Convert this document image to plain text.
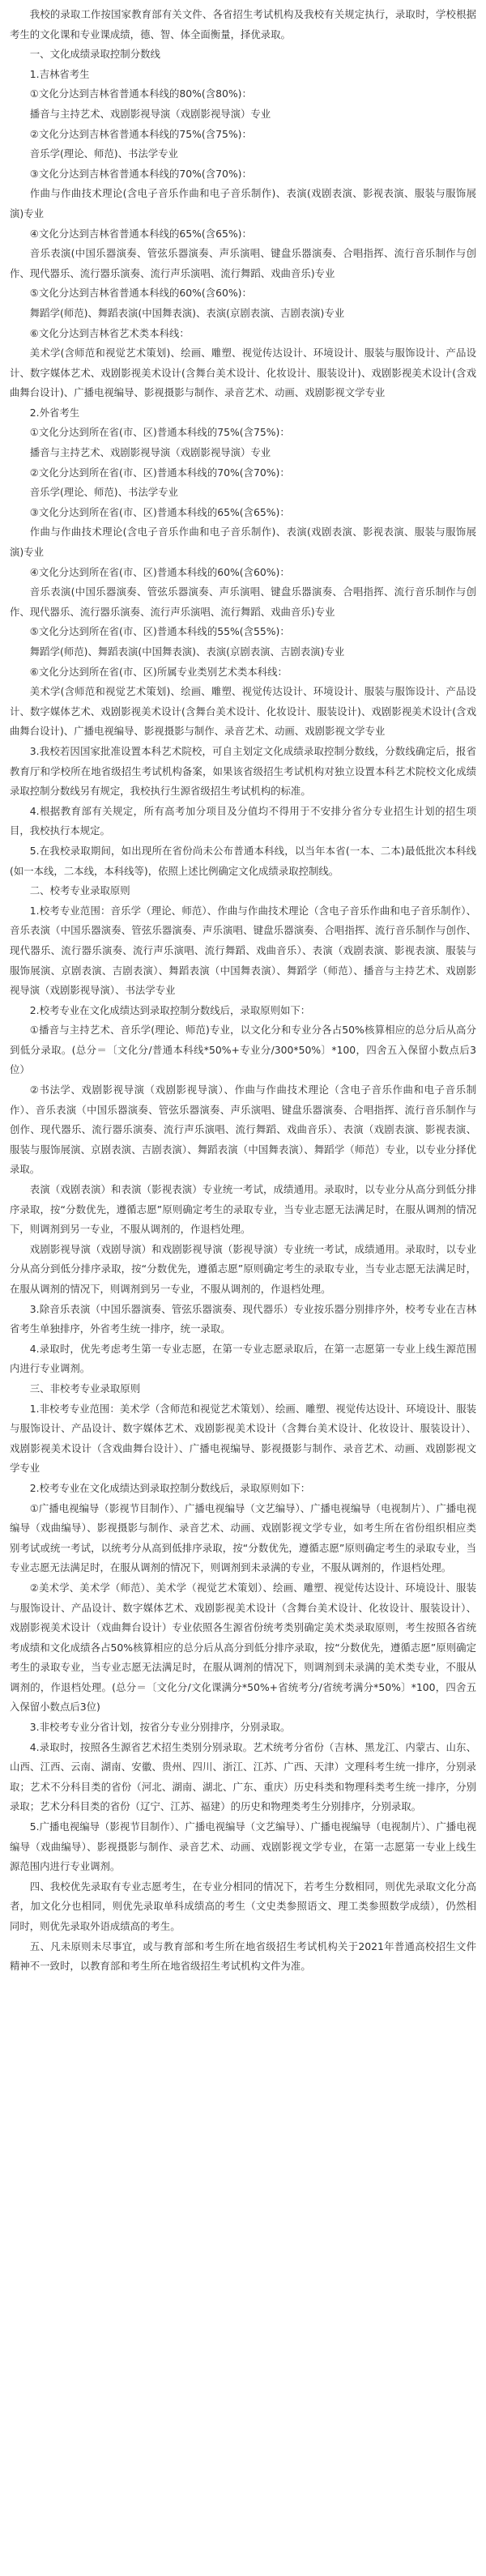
我校的录取工作按国家教育部有关文件、各省招生考试机构及我校有关规定执行，录取时，学校根据考生的文化课和专业课成绩，德、智、体全面衡量，择优录取。

一、文化成绩录取控制分数线

1.吉林省考生

①文化分达到吉林省普通本科线的80%(含80%)：

播音与主持艺术、戏剧影视导演（戏剧影视导演）专业

②文化分达到吉林省普通本科线的75%(含75%)：

音乐学(理论、师范)、书法学专业

③文化分达到吉林省普通本科线的70%(含70%)：

作曲与作曲技术理论(含电子音乐作曲和电子音乐制作)、表演(戏剧表演、影视表演、服装与服饰展演)专业

④文化分达到吉林省普通本科线的65%(含65%)：

音乐表演(中国乐器演奏、管弦乐器演奏、声乐演唱、键盘乐器演奏、合唱指挥、流行音乐制作与创作、现代器乐、流行器乐演奏、流行声乐演唱、流行舞蹈、戏曲音乐)专业

⑤文化分达到吉林省普通本科线的60%(含60%)：

舞蹈学(师范)、舞蹈表演(中国舞表演)、表演(京剧表演、吉剧表演)专业

⑥文化分达到吉林省艺术类本科线：

美术学(含师范和视觉艺术策划)、绘画、雕塑、视觉传达设计、环境设计、服装与服饰设计、产品设计、数字媒体艺术、戏剧影视美术设计(含舞台美术设计、化妆设计、服装设计)、戏剧影视美术设计(含戏曲舞台设计)、广播电视编导、影视摄影与制作、录音艺术、动画、戏剧影视文学专业

2.外省考生

①文化分达到所在省(市、区)普通本科线的75%(含75%)：

播音与主持艺术、戏剧影视导演（戏剧影视导演）专业

②文化分达到所在省(市、区)普通本科线的70%(含70%)：

音乐学(理论、师范)、书法学专业

③文化分达到所在省(市、区)普通本科线的65%(含65%)：

作曲与作曲技术理论(含电子音乐作曲和电子音乐制作)、表演(戏剧表演、影视表演、服装与服饰展演)专业

④文化分达到所在省(市、区)普通本科线的60%(含60%)：

音乐表演(中国乐器演奏、管弦乐器演奏、声乐演唱、键盘乐器演奏、合唱指挥、流行音乐制作与创作、现代器乐、流行器乐演奏、流行声乐演唱、流行舞蹈、戏曲音乐)专业

⑤文化分达到所在省(市、区)普通本科线的55%(含55%)：

舞蹈学(师范)、舞蹈表演(中国舞表演)、表演(京剧表演、吉剧表演)专业

⑥文化分达到所在省(市、区)所属专业类别艺术类本科线：

美术学(含师范和视觉艺术策划)、绘画、雕塑、视觉传达设计、环境设计、服装与服饰设计、产品设计、数字媒体艺术、戏剧影视美术设计(含舞台美术设计、化妆设计、服装设计)、戏剧影视美术设计(含戏曲舞台设计)、广播电视编导、影视摄影与制作、录音艺术、动画、戏剧影视文学专业

3.我校若因国家批准设置本科艺术院校，可自主划定文化成绩录取控制分数线，分数线确定后，报省教育厅和学校所在地省级招生考试机构备案，如果该省级招生考试机构对独立设置本科艺术院校文化成绩录取控制分数线另有规定，我校执行生源省级招生考试机构的标准。

4.根据教育部有关规定，所有高考加分项目及分值均不得用于不安排分省分专业招生计划的招生项目，我校执行本规定。

5.在我校录取期间，如出现所在省份尚未公布普通本科线，以当年本省(一本、二本)最低批次本科线(如一本线，二本线，本科线等)，依照上述比例确定文化成绩录取控制线。

二、校考专业录取原则

1.校考专业范围：音乐学（理论、师范）、作曲与作曲技术理论（含电子音乐作曲和电子音乐制作）、音乐表演（中国乐器演奏、管弦乐器演奏、声乐演唱、键盘乐器演奏、合唱指挥、流行音乐制作与创作、现代器乐、流行器乐演奏、流行声乐演唱、流行舞蹈、戏曲音乐）、表演（戏剧表演、影视表演、服装与服饰展演、京剧表演、吉剧表演）、舞蹈表演（中国舞表演）、舞蹈学（师范）、播音与主持艺术、戏剧影视导演（戏剧影视导演）、书法学专业

2.校考专业在文化成绩达到录取控制分数线后，录取原则如下：

①播音与主持艺术、音乐学(理论、师范)专业，以文化分和专业分各占50%核算相应的总分后从高分到低分录取。(总分＝〔文化分/普通本科线*50%+专业分/300*50%〕*100，四舍五入保留小数点后3位）

②书法学、戏剧影视导演（戏剧影视导演）、作曲与作曲技术理论（含电子音乐作曲和电子音乐制作）、音乐表演（中国乐器演奏、管弦乐器演奏、声乐演唱、键盘乐器演奏、合唱指挥、流行音乐制作与创作、现代器乐、流行器乐演奏、流行声乐演唱、流行舞蹈、戏曲音乐）、表演（戏剧表演、影视表演、服装与服饰展演、京剧表演、吉剧表演）、舞蹈表演（中国舞表演）、舞蹈学（师范）专业，以专业分择优录取。

表演（戏剧表演）和表演（影视表演）专业统一考试，成绩通用。录取时，以专业分从高分到低分排序录取，按“分数优先，遵循志愿”原则确定考生的录取专业，当专业志愿无法满足时，在服从调剂的情况下，则调剂到另一专业，不服从调剂的，作退档处理。

戏剧影视导演（戏剧导演）和戏剧影视导演（影视导演）专业统一考试，成绩通用。录取时，以专业分从高分到低分排序录取，按“分数优先，遵循志愿”原则确定考生的录取专业，当专业志愿无法满足时，在服从调剂的情况下，则调剂到另一专业，不服从调剂的，作退档处理。

3.除音乐表演（中国乐器演奏、管弦乐器演奏、现代器乐）专业按乐器分别排序外，校考专业在吉林省考生单独排序，外省考生统一排序，统一录取。

4.录取时，优先考虑考生第一专业志愿，在第一专业志愿录取后，在第一志愿第一专业上线生源范围内进行专业调剂。

三、非校考专业录取原则

1.非校考专业范围：美术学（含师范和视觉艺术策划）、绘画、雕塑、视觉传达设计、环境设计、服装与服饰设计、产品设计、数字媒体艺术、戏剧影视美术设计（含舞台美术设计、化妆设计、服装设计）、戏剧影视美术设计（含戏曲舞台设计）、广播电视编导、影视摄影与制作、录音艺术、动画、戏剧影视文学专业

2.校考专业在文化成绩达到录取控制分数线后，录取原则如下：

①广播电视编导（影视节目制作）、广播电视编导（文艺编导）、广播电视编导（电视制片）、广播电视编导（戏曲编导）、影视摄影与制作、录音艺术、动画、戏剧影视文学专业，如考生所在省份组织相应类别考试或统一考试，以统考分从高到低排序录取，按“分数优先，遵循志愿”原则确定考生的录取专业，当专业志愿无法满足时，在服从调剂的情况下，则调剂到未录满的专业，不服从调剂的，作退档处理。

②美术学、美术学（师范）、美术学（视觉艺术策划）、绘画、雕塑、视觉传达设计、环境设计、服装与服饰设计、产品设计、数字媒体艺术、戏剧影视美术设计（含舞台美术设计、化妆设计、服装设计）、戏剧影视美术设计（戏曲舞台设计）专业依照各生源省份统考类别确定美术类录取原则，考生按照各省统考成绩和文化成绩各占50%核算相应的总分后从高分到低分排序录取，按“分数优先，遵循志愿”原则确定考生的录取专业，当专业志愿无法满足时，在服从调剂的情况下，则调剂到未录满的美术类专业，不服从调剂的，作退档处理。(总分＝〔文化分/文化课满分*50%+省统考分/省统考满分*50%〕*100，四舍五入保留小数点后3位)

3.非校考专业分省计划，按省分专业分别排序，分别录取。

4.录取时，按照各生源省艺术招生类别分别录取。艺术统考分省份（吉林、黑龙江、内蒙古、山东、山西、江西、云南、湖南、安徽、贵州、四川、浙江、江苏、广西、天津）文理科考生统一排序，分别录取；艺术不分科目类的省份（河北、湖南、湖北、广东、重庆）历史科类和物理科类考生统一排序，分别录取；艺术分科目类的省份（辽宁、江苏、福建）的历史和物理类考生分别排序，分别录取。

5.广播电视编导（影视节目制作）、广播电视编导（文艺编导）、广播电视编导（电视制片）、广播电视编导（戏曲编导）、影视摄影与制作、录音艺术、动画、戏剧影视文学专业，在第一志愿第一专业上线生源范围内进行专业调剂。

四、我校优先录取有专业志愿考生，在专业分相同的情况下，若考生分数相同，则优先录取文化分高者，加文化分也相同，则优先录取单科成绩高的考生（文史类参照语文、理工类参照数学成绩），仍然相同时，则优先录取外语成绩高的考生。

五、凡未原则未尽事宜，或与教育部和考生所在地省级招生考试机构关于2021年普通高校招生文件精神不一致时，以教育部和考生所在地省级招生考试机构文件为准。
